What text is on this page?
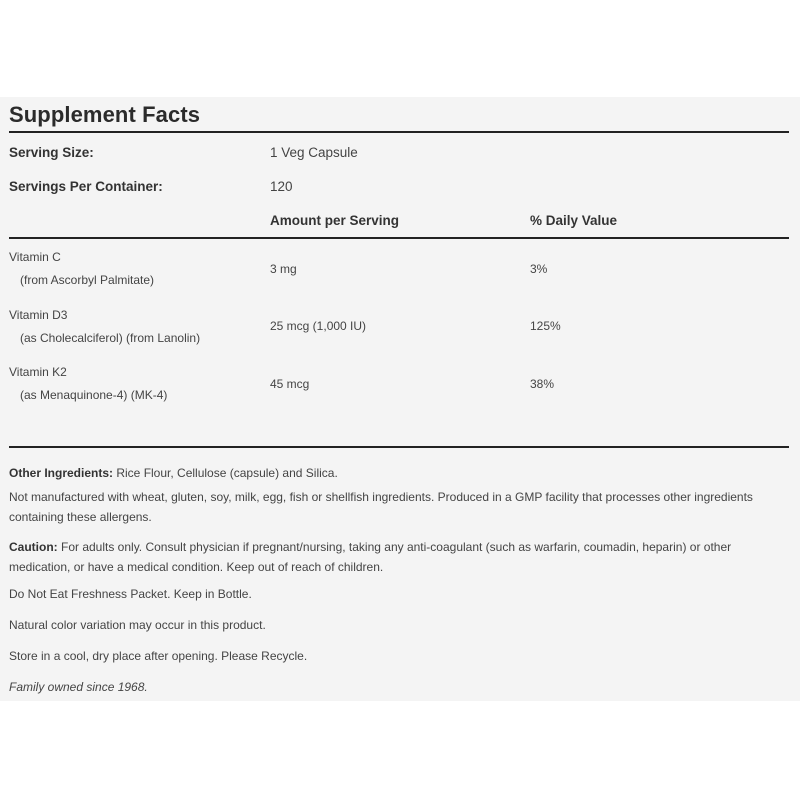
Supplement Facts
Serving Size:	1 Veg Capsule
Servings Per Container:	120
Amount per Serving	% Daily Value
Vitamin C
(from Ascorbyl Palmitate)
3 mg	3%
Vitamin D3
(as Cholecalciferol) (from Lanolin)
25 mcg (1,000 IU)	125%
Vitamin K2
(as Menaquinone-4) (MK-4)
45 mcg	38%
Other Ingredients: Rice Flour, Cellulose (capsule) and Silica.
Not manufactured with wheat, gluten, soy, milk, egg, fish or shellfish ingredients. Produced in a GMP facility that processes other ingredients containing these allergens.
Caution: For adults only. Consult physician if pregnant/nursing, taking any anti-coagulant (such as warfarin, coumadin, heparin) or other medication, or have a medical condition. Keep out of reach of children.
Do Not Eat Freshness Packet. Keep in Bottle.
Natural color variation may occur in this product.
Store in a cool, dry place after opening. Please Recycle.
Family owned since 1968.
